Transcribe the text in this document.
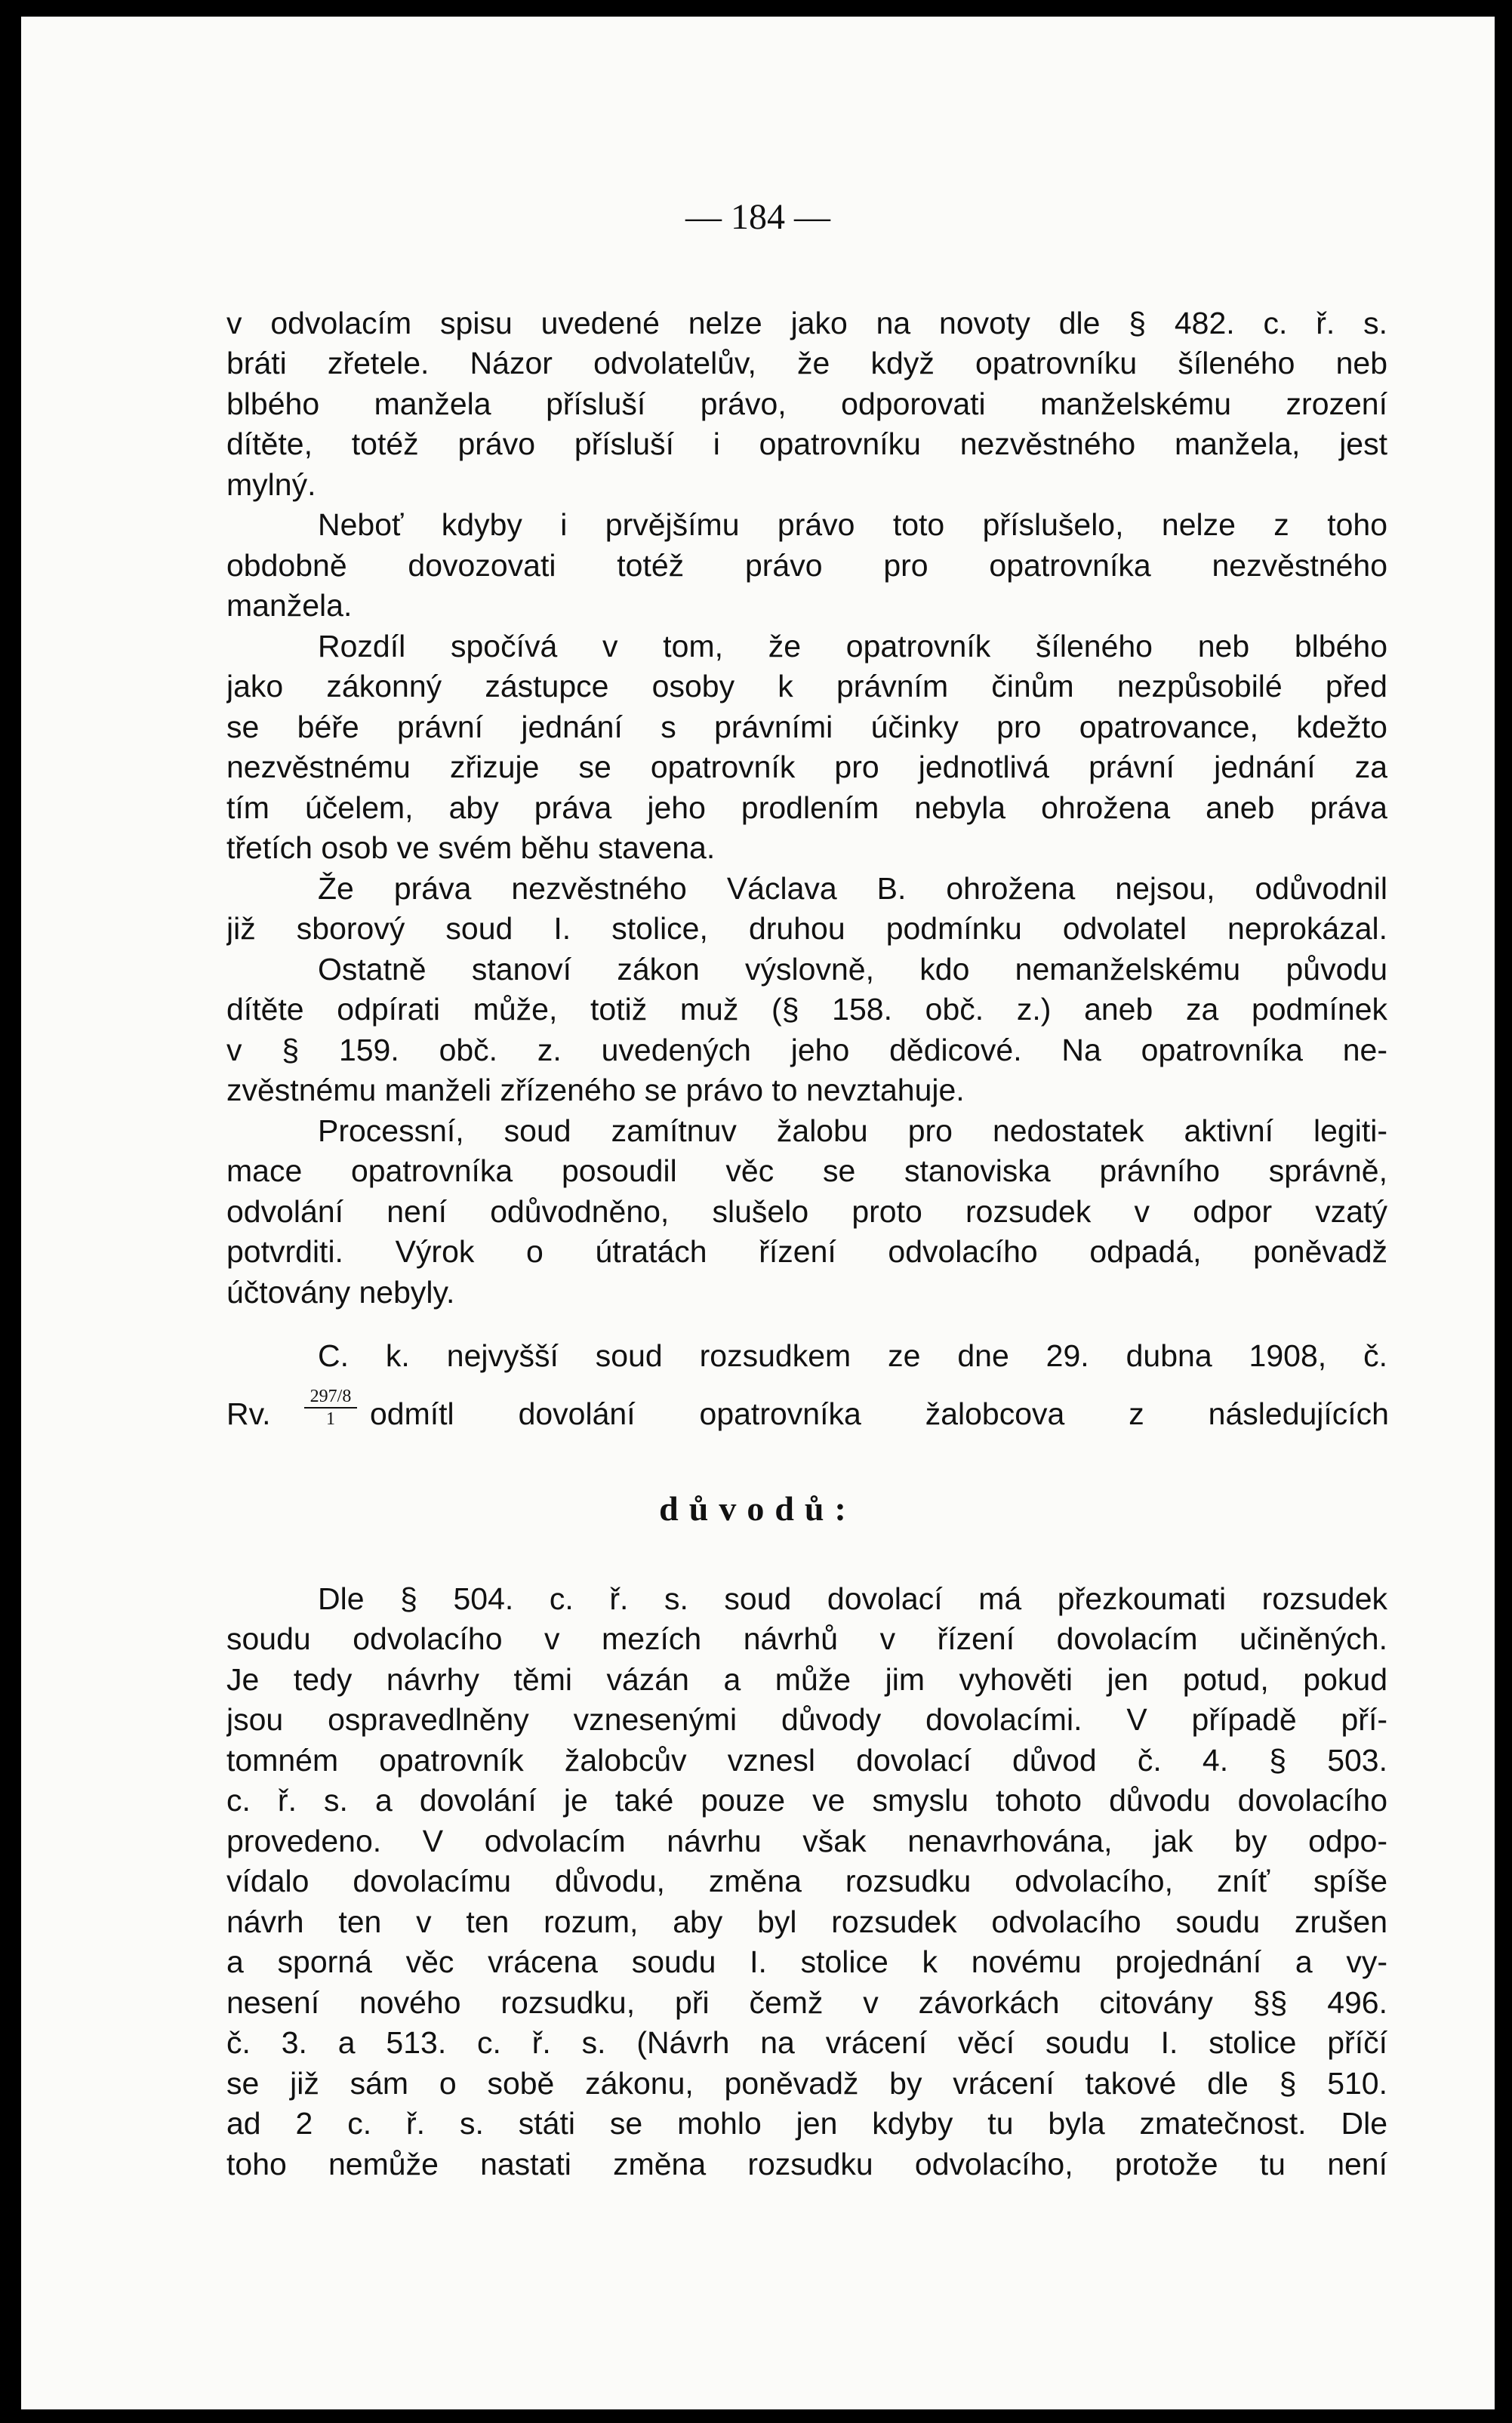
— 184 —
v odvolacím spisu uvedené nelze jako na novoty dle § 482. c. ř. s.
bráti zřetele. Názor odvolatelův, že když opatrovníku šíleného neb
blbého manžela přísluší právo, odporovati manželskému zrození
dítěte, totéž právo přísluší i opatrovníku nezvěstného manžela, jest
mylný.
Neboť kdyby i prvějšímu právo toto příslušelo, nelze z toho
obdobně dovozovati totéž právo pro opatrovníka nezvěstného
manžela.
Rozdíl spočívá v tom, že opatrovník šíleného neb blbého
jako zákonný zástupce osoby k právním činům nezpůsobilé před
se béře právní jednání s právními účinky pro opatrovance, kdežto
nezvěstnému zřizuje se opatrovník pro jednotlivá právní jednání za
tím účelem, aby práva jeho prodlením nebyla ohrožena aneb práva
třetích osob ve svém běhu stavena.
Že práva nezvěstného Václava B. ohrožena nejsou, odůvodnil
již sborový soud I. stolice, druhou podmínku odvolatel neprokázal.
Ostatně stanoví zákon výslovně, kdo nemanželskému původu
dítěte odpírati může, totiž muž (§ 158. obč. z.) aneb za podmínek
v § 159. obč. z. uvedených jeho dědicové. Na opatrovníka ne-
zvěstnému manželi zřízeného se právo to nevztahuje.
Processní, soud zamítnuv žalobu pro nedostatek aktivní legiti-
mace opatrovníka posoudil věc se stanoviska právního správně,
odvolání není odůvodněno, slušelo proto rozsudek v odpor vzatý
potvrditi. Výrok o útratách řízení odvolacího odpadá, poněvadž
účtovány nebyly.
C. k. nejvyšší soud rozsudkem ze dne 29. dubna 1908, č.
Rv. $\frac{297/8}{1}$ odmítl dovolání opatrovníka žalobcova z následujících
důvodů:
Dle § 504. c. ř. s. soud dovolací má přezkoumati rozsudek
soudu odvolacího v mezích návrhů v řízení dovolacím učiněných.
Je tedy návrhy těmi vázán a může jim vyhověti jen potud, pokud
jsou ospravedlněny vznesenými důvody dovolacími. V případě pří-
tomném opatrovník žalobcův vznesl dovolací důvod č. 4. § 503.
c. ř. s. a dovolání je také pouze ve smyslu tohoto důvodu dovolacího
provedeno. V odvolacím návrhu však nenavrhována, jak by odpo-
vídalo dovolacímu důvodu, změna rozsudku odvolacího, zníť spíše
návrh ten v ten rozum, aby byl rozsudek odvolacího soudu zrušen
a sporná věc vrácena soudu I. stolice k novému projednání a vy-
nesení nového rozsudku, při čemž v závorkách citovány §§ 496.
č. 3. a 513. c. ř. s. (Návrh na vrácení věcí soudu I. stolice příčí
se již sám o sobě zákonu, poněvadž by vrácení takové dle § 510.
ad 2 c. ř. s. státi se mohlo jen kdyby tu byla zmatečnost. Dle
toho nemůže nastati změna rozsudku odvolacího, protože tu není
